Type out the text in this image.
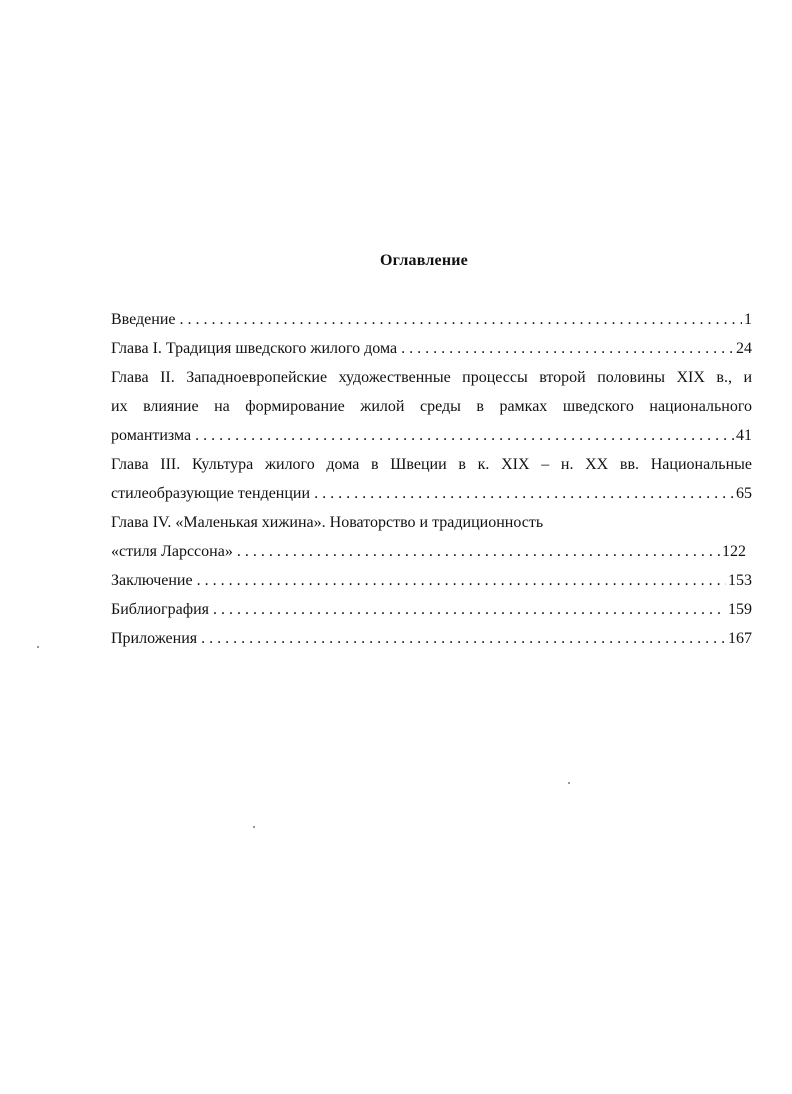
Оглавление
Введение . . .	1
Глава I. Традиция шведского жилого дома . . .	24
Глава II. Западноевропейские художественные процессы второй половины XIX в., и
их влияние на формирование жилой среды в рамках шведского национального
романтизма . . .	41
Глава III. Культура жилого дома в Швеции в к. XIX – н. XX вв. Национальные
стилеобразующие тенденции . . .	65
Глава IV. «Маленькая хижина». Новаторство и традиционность
«стиля Ларссона» . . .	122
Заключение . . .	153
Библиография . . .	159
Приложения . . .	167
